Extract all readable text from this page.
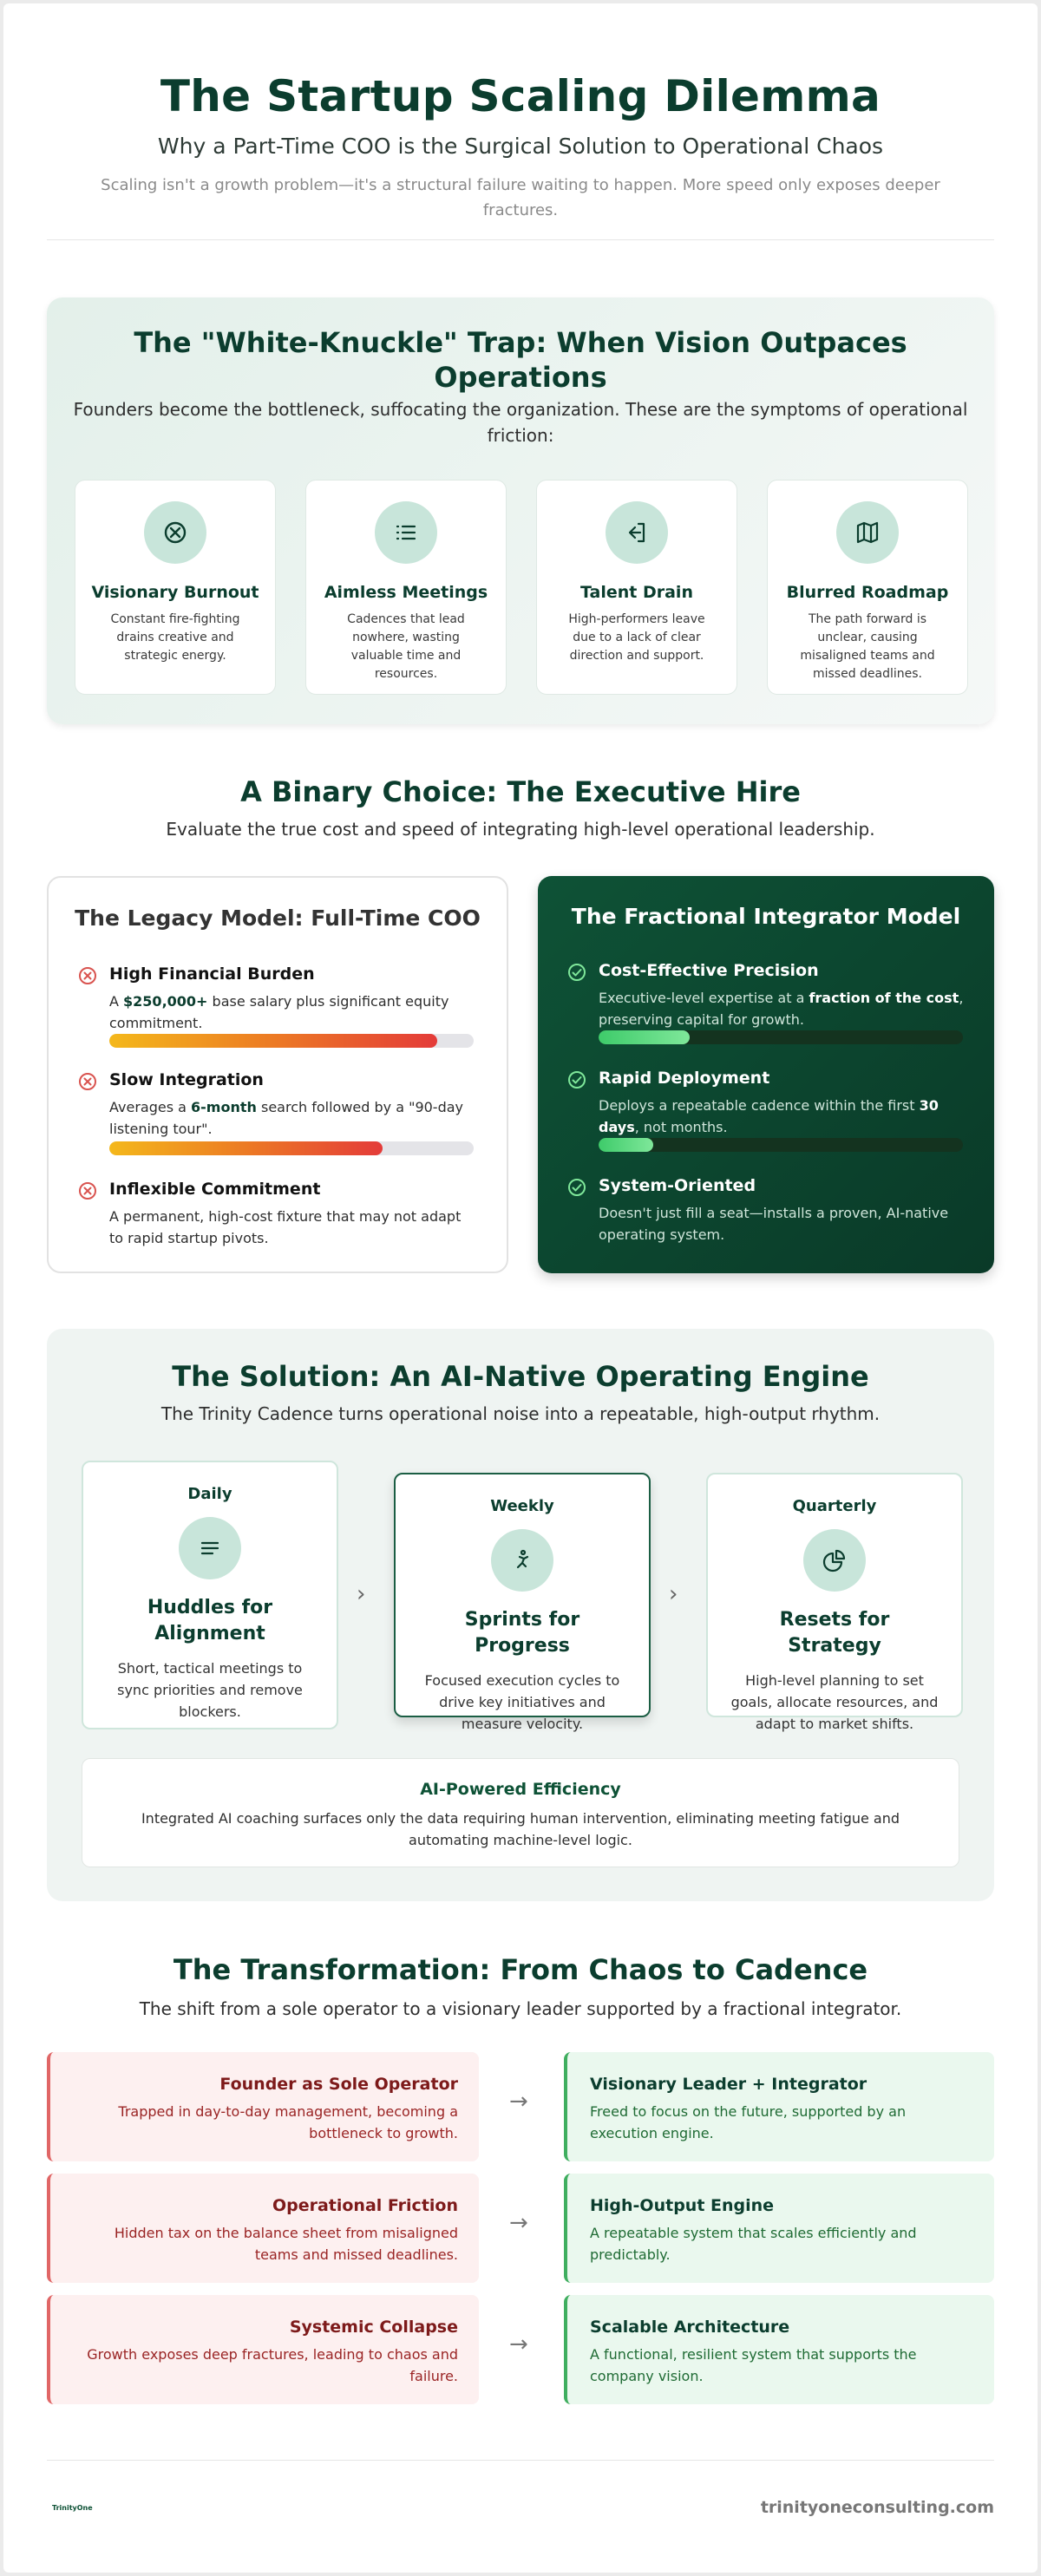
The Startup Scaling Dilemma
Why a Part-Time COO is the Surgical Solution to Operational Chaos
Scaling isn't a growth problem—it's a structural failure waiting to happen. More speed only exposes deeper fractures.
The "White-Knuckle" Trap: When Vision Outpaces Operations
Founders become the bottleneck, suffocating the organization. These are the symptoms of operational friction:
Visionary Burnout

Constant fire-fighting drains creative and strategic energy.

Aimless Meetings

Cadences that lead nowhere, wasting valuable time and resources.

Talent Drain

High-performers leave due to a lack of clear direction and support.

Blurred Roadmap

The path forward is unclear, causing misaligned teams and missed deadlines.

A Binary Choice: The Executive Hire
Evaluate the true cost and speed of integrating high-level operational leadership.
The Legacy Model: Full-Time COO
High Financial Burden

A $250,000+ base salary plus significant equity commitment.

Slow Integration

Averages a 6-month search followed by a "90-day listening tour".

Inflexible Commitment

A permanent, high-cost fixture that may not adapt to rapid startup pivots.

The Fractional Integrator Model
Cost-Effective Precision

Executive-level expertise at a fraction of the cost, preserving capital for growth.

Rapid Deployment

Deploys a repeatable cadence within the first 30 days, not months.

System-Oriented

Doesn't just fill a seat—installs a proven, AI-native operating system.

The Solution: An AI-Native Operating Engine
The Trinity Cadence turns operational noise into a repeatable, high-output rhythm.
Daily
Huddles for Alignment

Short, tactical meetings to sync priorities and remove blockers.

›
Weekly
Sprints for Progress

Focused execution cycles to drive key initiatives and measure velocity.

›
Quarterly
Resets for Strategy

High-level planning to set goals, allocate resources, and adapt to market shifts.

AI-Powered Efficiency

Integrated AI coaching surfaces only the data requiring human intervention, eliminating meeting fatigue and automating machine-level logic.

The Transformation: From Chaos to Cadence
The shift from a sole operator to a visionary leader supported by a fractional integrator.
Founder as Sole Operator

Trapped in day-to-day management, becoming a bottleneck to growth.

→
Visionary Leader + Integrator

Freed to focus on the future, supported by an execution engine.

Operational Friction

Hidden tax on the balance sheet from misaligned teams and missed deadlines.

→
High-Output Engine

A repeatable system that scales efficiently and predictably.

Systemic Collapse

Growth exposes deep fractures, leading to chaos and failure.

→
Scalable Architecture

A functional, resilient system that supports the company vision.

TrinityOne	trinityoneconsulting.com
